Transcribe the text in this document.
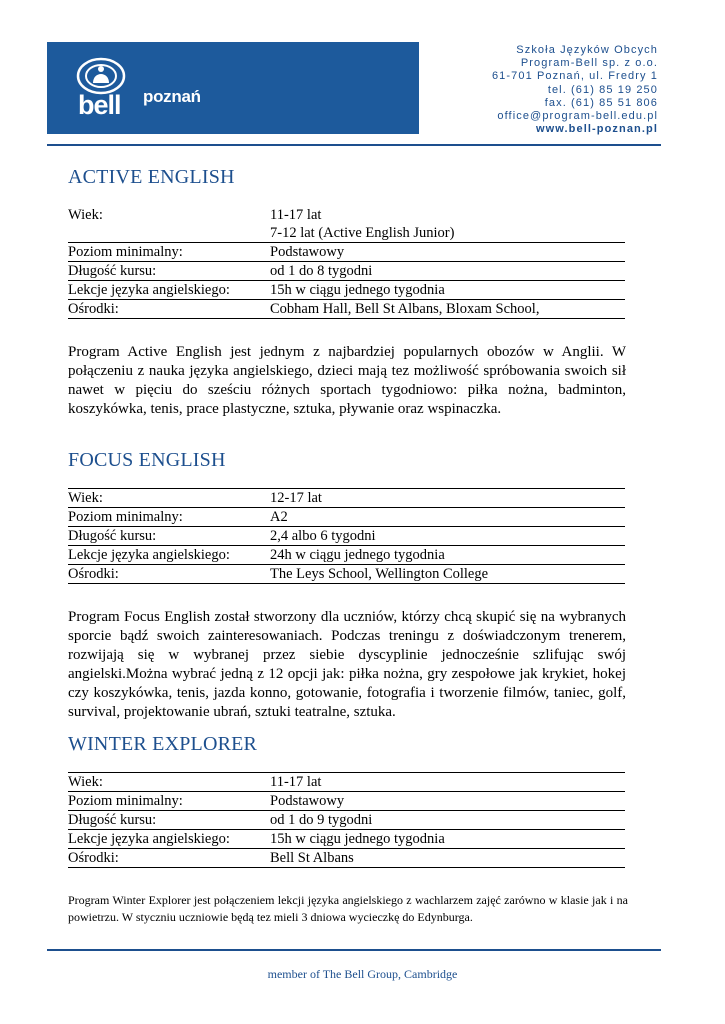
bell poznań
Szkoła Języków Obcych
Program-Bell sp. z o.o.
61-701 Poznań, ul. Fredry 1
tel. (61) 85 19 250
fax. (61) 85 51 806
office@program-bell.edu.pl
www.bell-poznan.pl
ACTIVE ENGLISH
Wiek:	11-17 lat
7-12 lat (Active English Junior)
Poziom minimalny:	Podstawowy
Długość kursu:	od 1 do 8 tygodni
Lekcje języka angielskiego:	15h w ciągu jednego tygodnia
Ośrodki:	Cobham Hall, Bell St Albans, Bloxam School,
Program Active English jest jednym z najbardziej popularnych obozów w Anglii. W połączeniu z nauka języka angielskiego, dzieci mają tez możliwość spróbowania swoich sił nawet w pięciu do sześciu różnych sportach tygodniowo: piłka nożna, badminton, koszykówka, tenis, prace plastyczne, sztuka, pływanie oraz wspinaczka.
FOCUS ENGLISH
Wiek:	12-17 lat
Poziom minimalny:	A2
Długość kursu:	2,4 albo 6 tygodni
Lekcje języka angielskiego:	24h w ciągu jednego tygodnia
Ośrodki:	The Leys School, Wellington College
Program Focus English został stworzony dla uczniów, którzy chcą skupić się na wybranych sporcie bądź swoich zainteresowaniach. Podczas treningu z doświadczonym trenerem, rozwijają się w wybranej przez siebie dyscyplinie jednocześnie szlifując swój angielski.Można wybrać jedną z 12 opcji jak: piłka nożna, gry zespołowe jak krykiet, hokej czy koszykówka, tenis, jazda konno, gotowanie, fotografia i tworzenie filmów, taniec, golf, survival, projektowanie ubrań, sztuki teatralne, sztuka.
WINTER EXPLORER
Wiek:	11-17 lat
Poziom minimalny:	Podstawowy
Długość kursu:	od 1 do 9 tygodni
Lekcje języka angielskiego:	15h w ciągu jednego tygodnia
Ośrodki:	Bell St Albans
Program Winter Explorer jest połączeniem lekcji języka angielskiego z wachlarzem zajęć zarówno w klasie jak i na powietrzu. W styczniu uczniowie będą tez mieli 3 dniowa wycieczkę do Edynburga.
member of The Bell Group, Cambridge
